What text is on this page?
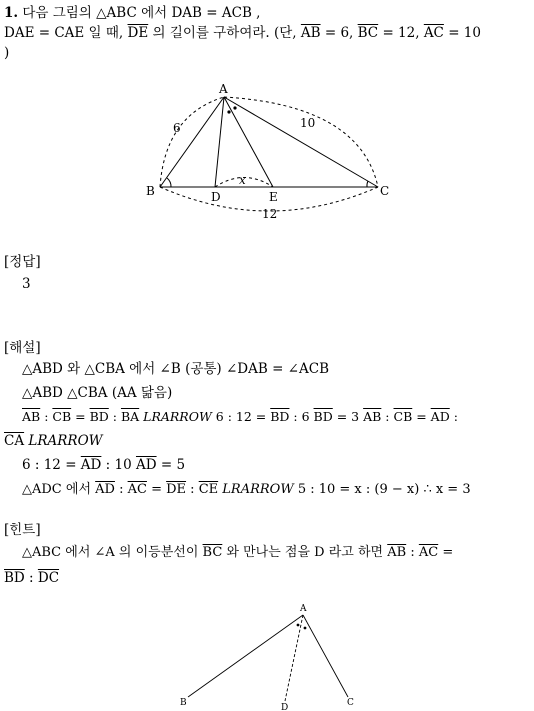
1. 다음 그림의 △ABC 에서 DAB = ACB ,
DAE = CAE 일 때, $\overline{DE}$ 의 길이를 구하여라. (단, $\overline{AB} = 6$, $\overline{BC} = 12$, $\overline{AC} = 10$
)
A
B	C
D	E
6	10
x
12
[정답]
3
[해설]
△ABD 와 △CBA 에서 ∠B (공통) ∠DAB = ∠ACB
△ABD △CBA (AA 닮음)
$\overline{AB}$ : $\overline{CB} = \overline{BD}$ : $\overline{BA}$ LRARROW 6 : $12 = \overline{BD}$ : 6 $\overline{BD} = 3$ $\overline{AB}$ : $\overline{CB} = \overline{AD}$ :
$\overline{CA}$ LRARROW
6 : $12 = \overline{AD}$ : 10 $\overline{AD} = 5$
△ADC 에서 $\overline{AD}$ : $\overline{AC} = \overline{DE}$ : $\overline{CE}$ LRARROW 5 : 10 = x : (9 − x) ∴ x = 3
[힌트]
△ABC 에서 ∠A 의 이등분선이 $\overline{BC}$ 와 만나는 점을 D 라고 하면 $\overline{AB}$ : $\overline{AC}$ =
$\overline{BD}$ : $\overline{DC}$
A
B	C
D
